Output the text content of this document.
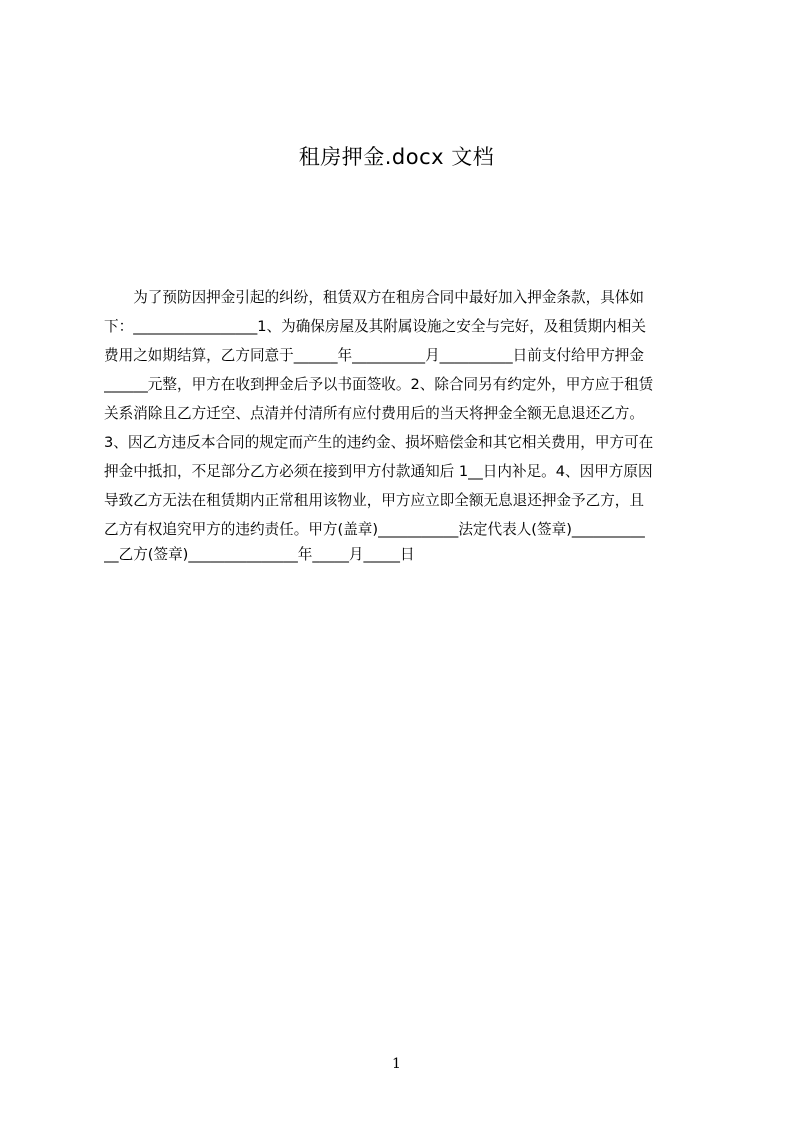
租房押金.docx 文档
　　为了预防因押金引起的纠纷，租赁双方在租房合同中最好加入押金条款，具体如
下：_________________1、为确保房屋及其附属设施之安全与完好，及租赁期内相关
费用之如期结算，乙方同意于______年__________月__________日前支付给甲方押金
______元整，甲方在收到押金后予以书面签收。2、除合同另有约定外，甲方应于租赁
关系消除且乙方迁空、点清并付清所有应付费用后的当天将押金全额无息退还乙方。
3、因乙方违反本合同的规定而产生的违约金、损坏赔偿金和其它相关费用，甲方可在
押金中抵扣，不足部分乙方必须在接到甲方付款通知后 1__日内补足。4、因甲方原因
导致乙方无法在租赁期内正常租用该物业，甲方应立即全额无息退还押金予乙方，且
乙方有权追究甲方的违约责任。甲方(盖章)___________法定代表人(签章)__________
__乙方(签章)_______________年_____月_____日
1
